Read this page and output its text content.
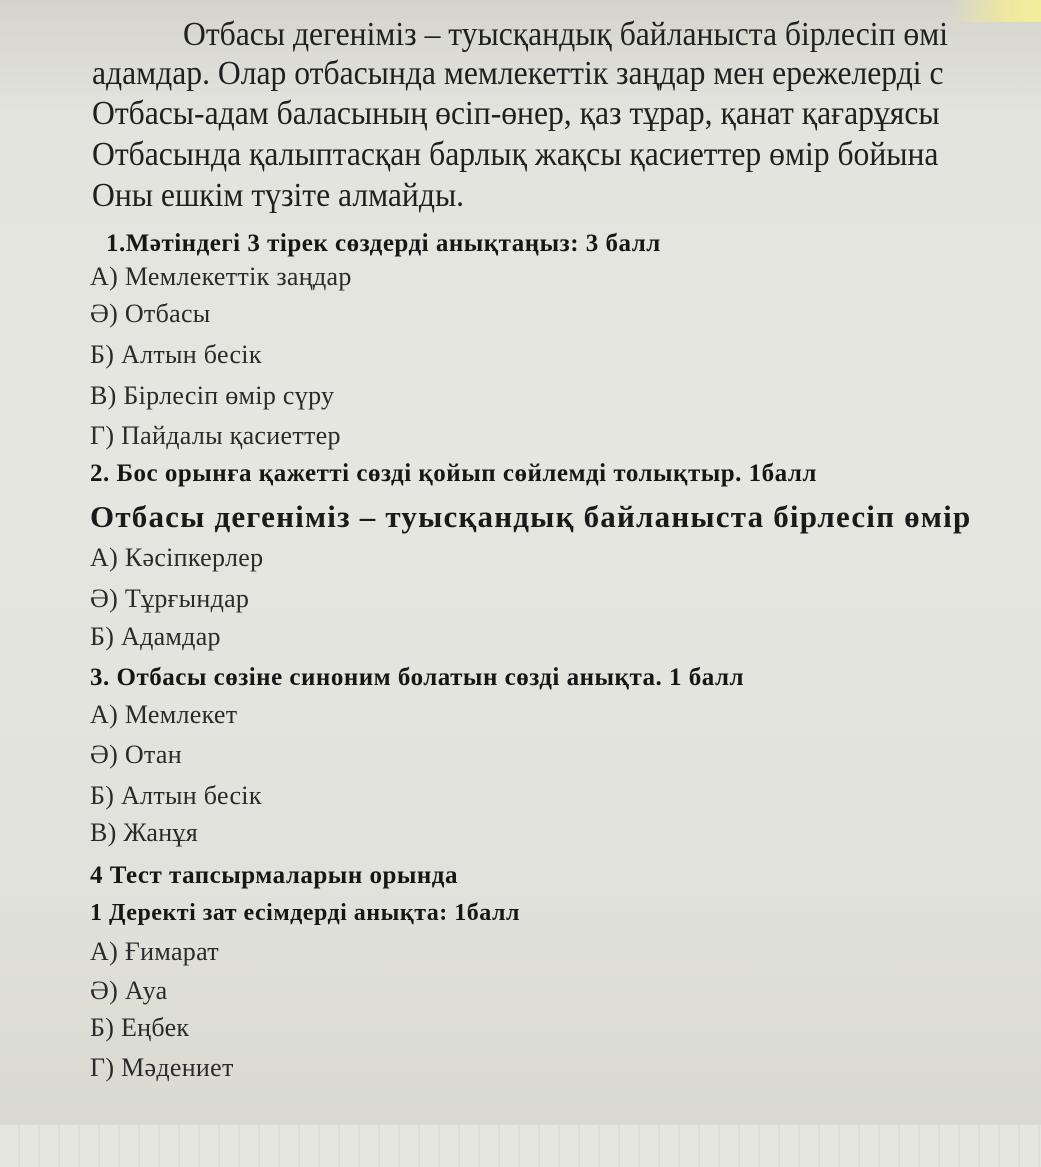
Отбасы дегеніміз – туысқандық байланыста бірлесіп өмі
адамдар. Олар отбасында мемлекеттік заңдар мен ережелерді с
Отбасы-адам баласының өсіп-өнер, қаз тұрар, қанат қағарұясы
Отбасында қалыптасқан барлық жақсы қасиеттер өмір бойына
Оны ешкім түзіте алмайды.
1.Мәтіндегі 3 тірек сөздерді анықтаңыз: 3 балл
А) Мемлекеттік заңдар
Ә) Отбасы
Б) Алтын бесік
В) Бірлесіп өмір сүру
Г) Пайдалы қасиеттер
2. Бос орынға қажетті сөзді қойып сөйлемді толықтыр. 1балл
Отбасы дегеніміз – туысқандық байланыста бірлесіп өмір
А) Кәсіпкерлер
Ә) Тұрғындар
Б) Адамдар
3. Отбасы сөзіне синоним болатын сөзді анықта. 1 балл
А) Мемлекет
Ә) Отан
Б) Алтын бесік
В) Жанұя
4 Тест тапсырмаларын орында
1 Деректі зат есімдерді анықта: 1балл
А) Ғимарат
Ә) Ауа
Б) Еңбек
Г) Мәдениет
